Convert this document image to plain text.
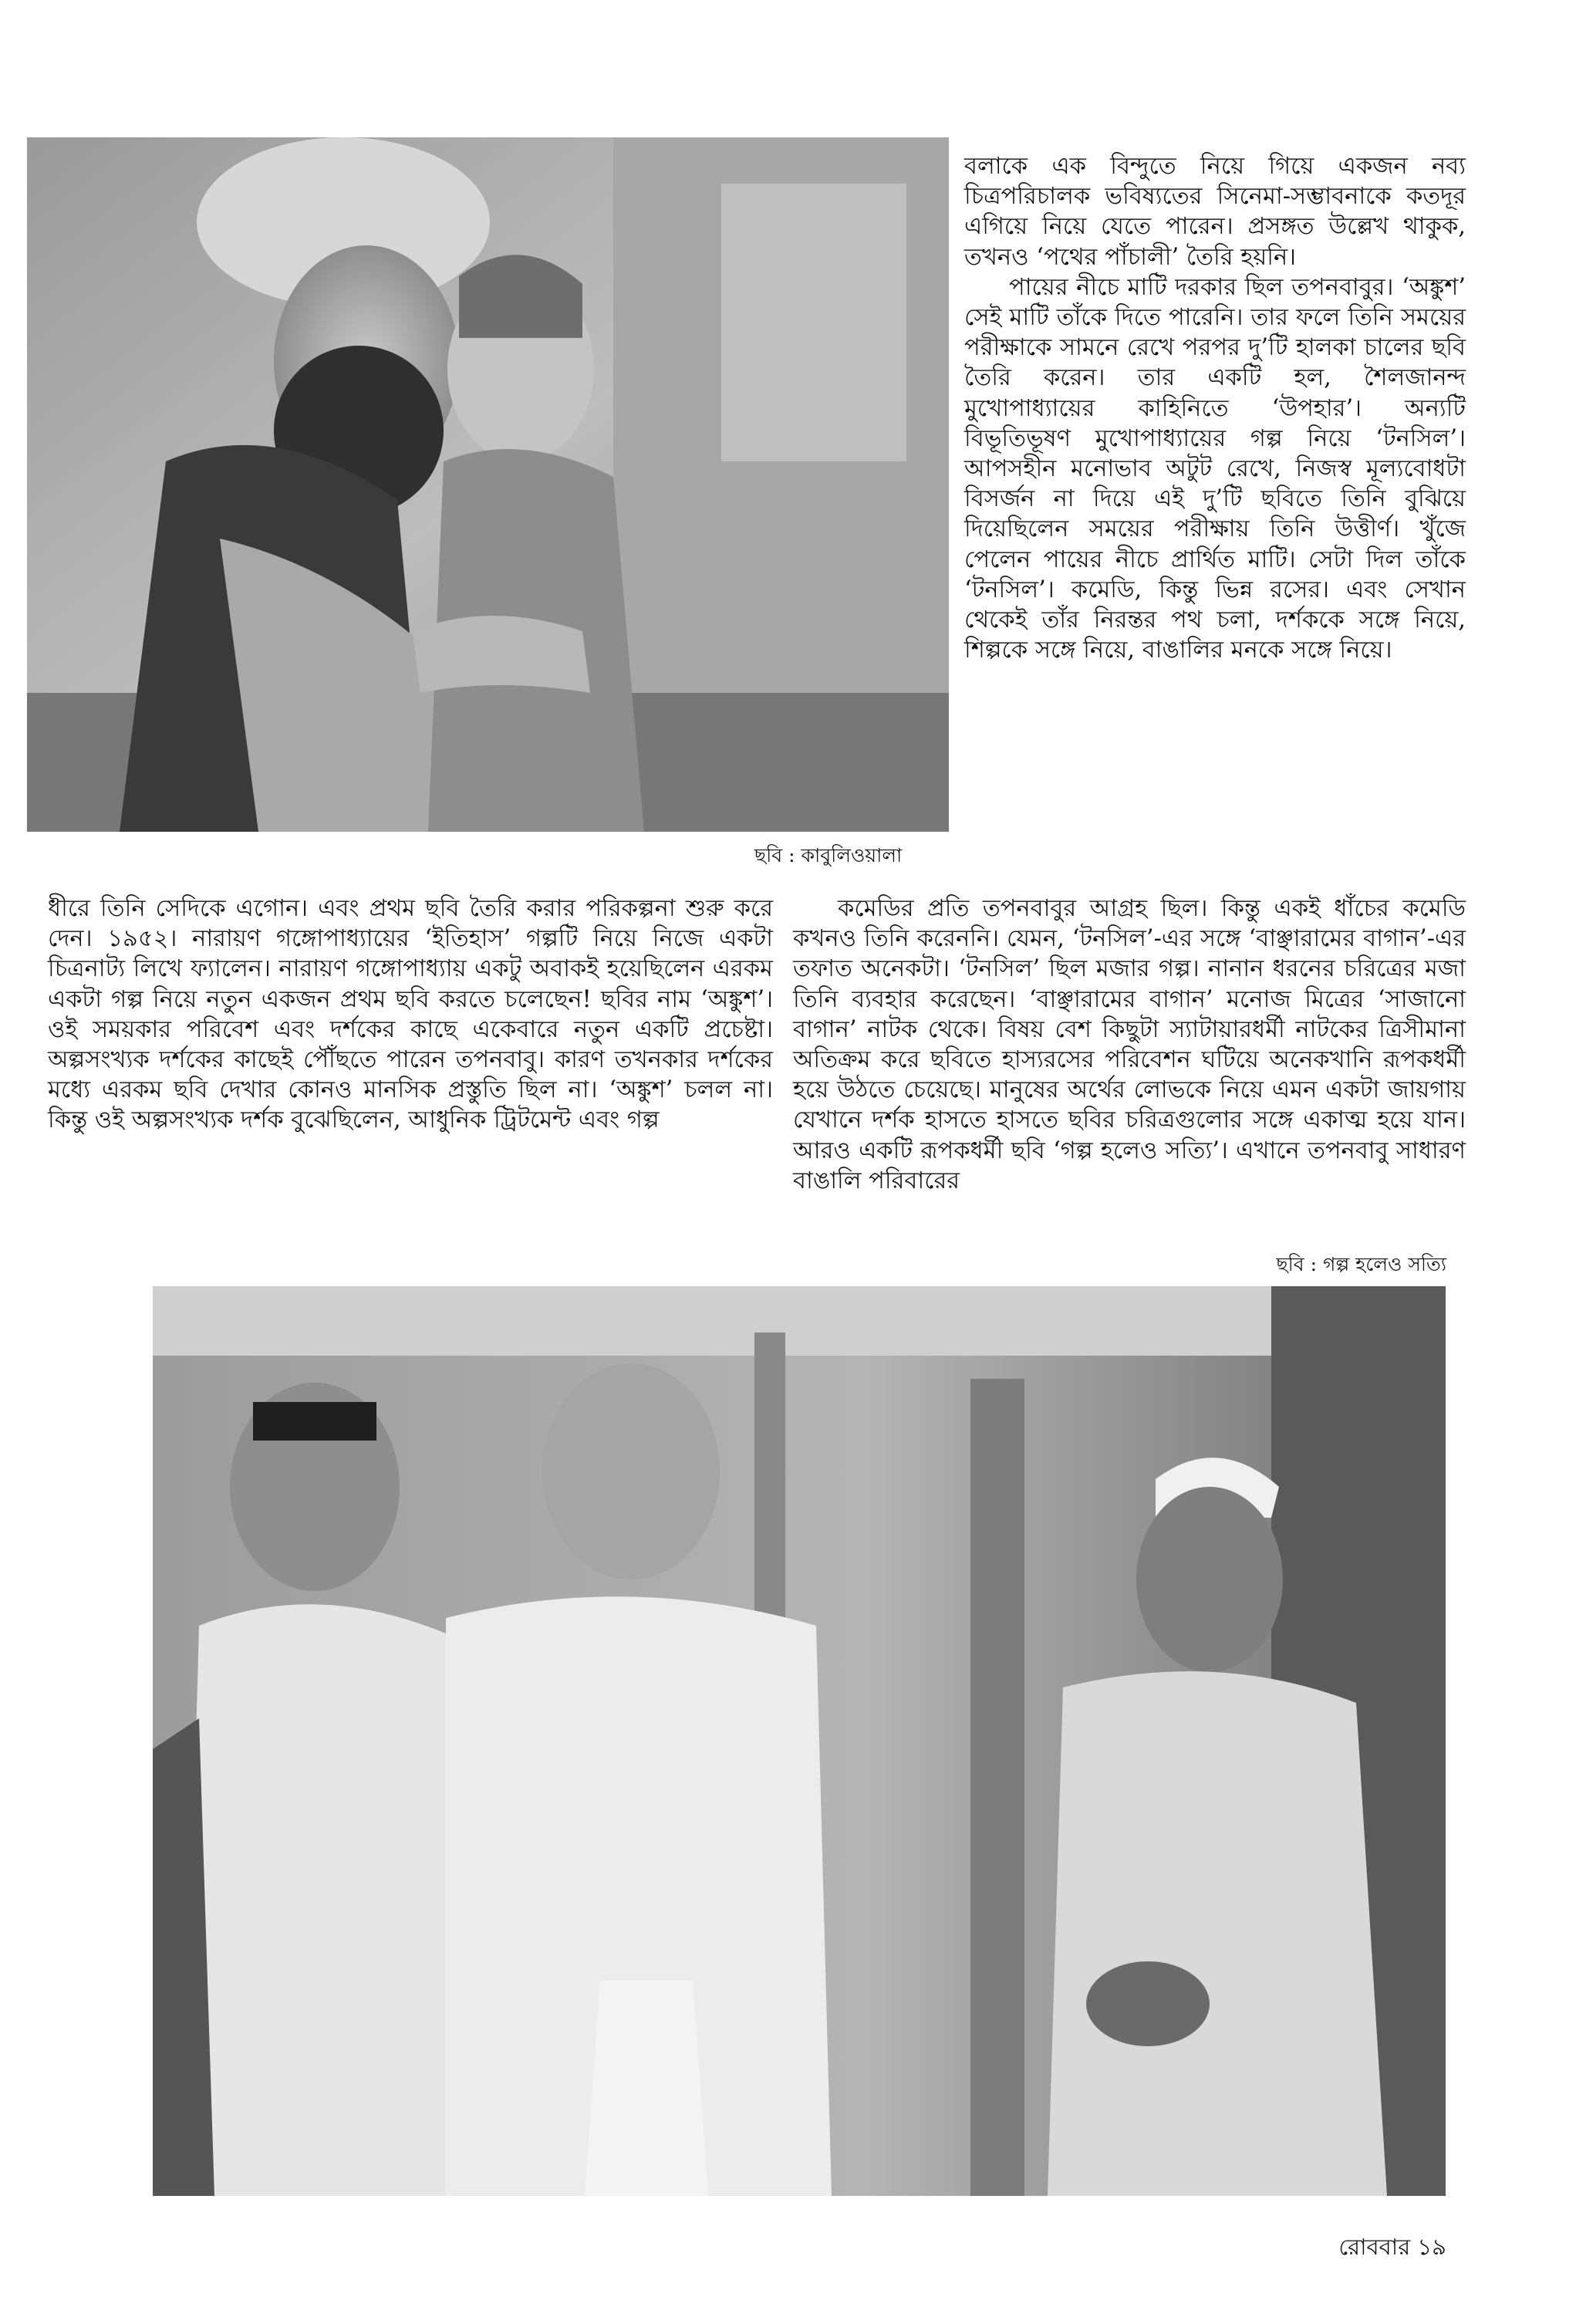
বলাকে এক বিন্দুতে নিয়ে গিয়ে একজন নব্য চিত্রপরিচালক ভবিষ্যতের সিনেমা-সম্ভাবনাকে কতদূর এগিয়ে নিয়ে যেতে পারেন। প্রসঙ্গত উল্লেখ থাকুক, তখনও ‘পথের পাঁচালী’ তৈরি হয়নি।

পায়ের নীচে মাটি দরকার ছিল তপনবাবুর। ‘অঙ্কুশ’ সেই মাটি তাঁকে দিতে পারেনি। তার ফলে তিনি সময়ের পরীক্ষাকে সামনে রেখে পরপর দু’টি হালকা চালের ছবি তৈরি করেন। তার একটি হল, শৈলজানন্দ মুখোপাধ্যায়ের কাহিনিতে ‘উপহার’। অন্যটি বিভূতিভূষণ মুখোপাধ্যায়ের গল্প নিয়ে ‘টনসিল’। আপসহীন মনোভাব অটুট রেখে, নিজস্ব মূল্যবোধটা বিসর্জন না দিয়ে এই দু’টি ছবিতে তিনি বুঝিয়ে দিয়েছিলেন সময়ের পরীক্ষায় তিনি উত্তীর্ণ। খুঁজে পেলেন পায়ের নীচে প্রার্থিত মাটি। সেটা দিল তাঁকে ‘টনসিল’। কমেডি, কিন্তু ভিন্ন রসের। এবং সেখান থেকেই তাঁর নিরন্তর পথ চলা, দর্শককে সঙ্গে নিয়ে, শিল্পকে সঙ্গে নিয়ে, বাঙালির মনকে সঙ্গে নিয়ে।

ছবি : কাবুলিওয়ালা

ধীরে তিনি সেদিকে এগোন। এবং প্রথম ছবি তৈরি করার পরিকল্পনা শুরু করে দেন। ১৯৫২। নারায়ণ গঙ্গোপাধ্যায়ের ‘ইতিহাস’ গল্পটি নিয়ে নিজে একটা চিত্রনাট্য লিখে ফ্যালেন। নারায়ণ গঙ্গোপাধ্যায় একটু অবাকই হয়েছিলেন এরকম একটা গল্প নিয়ে নতুন একজন প্রথম ছবি করতে চলেছেন! ছবির নাম ‘অঙ্কুশ’। ওই সময়কার পরিবেশ এবং দর্শকের কাছে একেবারে নতুন একটি প্রচেষ্টা। অল্পসংখ্যক দর্শকের কাছেই পৌঁছতে পারেন তপনবাবু। কারণ তখনকার দর্শকের মধ্যে এরকম ছবি দেখার কোনও মানসিক প্রস্তুতি ছিল না। ‘অঙ্কুশ’ চলল না। কিন্তু ওই অল্পসংখ্যক দর্শক বুঝেছিলেন, আধুনিক ট্রিটমেন্ট এবং গল্প

কমেডির প্রতি তপনবাবুর আগ্রহ ছিল। কিন্তু একই ধাঁচের কমেডি কখনও তিনি করেননি। যেমন, ‘টনসিল’-এর সঙ্গে ‘বাঞ্ছারামের বাগান’-এর তফাত অনেকটা। ‘টনসিল’ ছিল মজার গল্প। নানান ধরনের চরিত্রের মজা তিনি ব্যবহার করেছেন। ‘বাঞ্ছারামের বাগান’ মনোজ মিত্রের ‘সাজানো বাগান’ নাটক থেকে। বিষয় বেশ কিছুটা স্যাটায়ারধর্মী নাটকের ত্রিসীমানা অতিক্রম করে ছবিতে হাস্যরসের পরিবেশন ঘটিয়ে অনেকখানি রূপকধর্মী হয়ে উঠতে চেয়েছে। মানুষের অর্থের লোভকে নিয়ে এমন একটা জায়গায় যেখানে দর্শক হাসতে হাসতে ছবির চরিত্রগুলোর সঙ্গে একাত্ম হয়ে যান। আরও একটি রূপকধর্মী ছবি ‘গল্প হলেও সত্যি’। এখানে তপনবাবু সাধারণ বাঙালি পরিবারের

ছবি : গল্প হলেও সত্যি
রোববার ১৯
